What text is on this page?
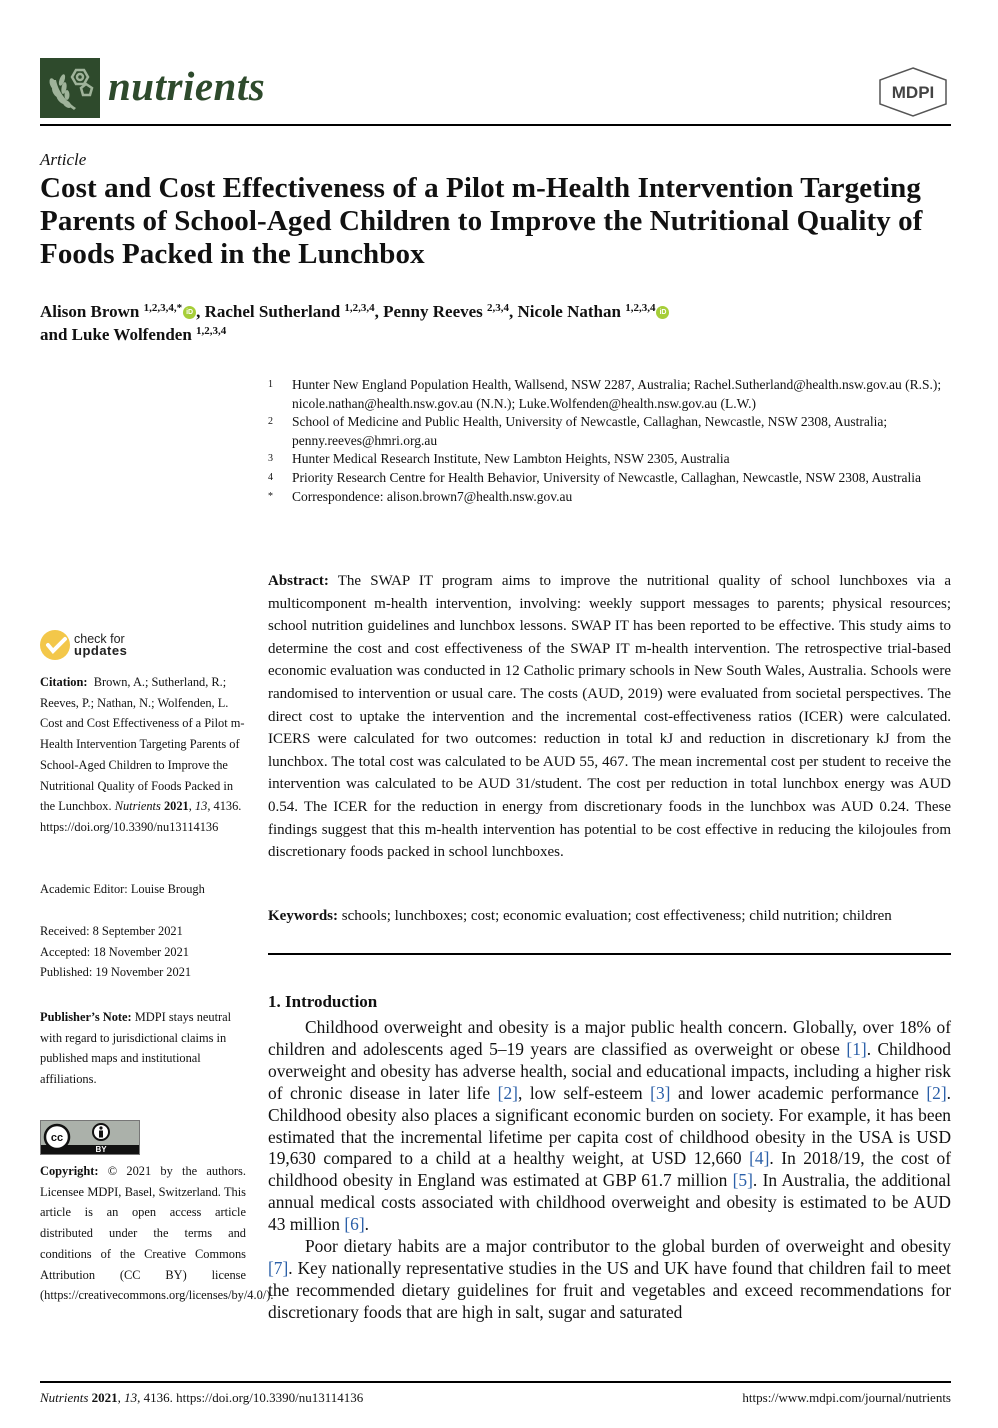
nutrients	MDPI
Article
Cost and Cost Effectiveness of a Pilot m-Health Intervention Targeting Parents of School-Aged Children to Improve the Nutritional Quality of Foods Packed in the Lunchbox
Alison Brown $^{1,2,3,4,*}$ iD , Rachel Sutherland $^{1,2,3,4}$, Penny Reeves $^{2,3,4}$, Nicole Nathan $^{1,2,3,4}$ iD
and Luke Wolfenden $^{1,2,3,4}$
1	Hunter New England Population Health, Wallsend, NSW 2287, Australia; Rachel.Sutherland@health.nsw.gov.au (R.S.); nicole.nathan@health.nsw.gov.au (N.N.); Luke.Wolfenden@health.nsw.gov.au (L.W.)
2	School of Medicine and Public Health, University of Newcastle, Callaghan, Newcastle, NSW 2308, Australia; penny.reeves@hmri.org.au
3	Hunter Medical Research Institute, New Lambton Heights, NSW 2305, Australia
4	Priority Research Centre for Health Behavior, University of Newcastle, Callaghan, Newcastle, NSW 2308, Australia
*	Correspondence: alison.brown7@health.nsw.gov.au
Abstract: The SWAP IT program aims to improve the nutritional quality of school lunchboxes via a multicomponent m-health intervention, involving: weekly support messages to parents; physical resources; school nutrition guidelines and lunchbox lessons. SWAP IT has been reported to be effective. This study aims to determine the cost and cost effectiveness of the SWAP IT m-health intervention. The retrospective trial-based economic evaluation was conducted in 12 Catholic primary schools in New South Wales, Australia. Schools were randomised to intervention or usual care. The costs (AUD, 2019) were evaluated from societal perspectives. The direct cost to uptake the intervention and the incremental cost-effectiveness ratios (ICER) were calculated. ICERS were calculated for two outcomes: reduction in total kJ and reduction in discretionary kJ from the lunchbox. The total cost was calculated to be AUD 55, 467. The mean incremental cost per student to receive the intervention was calculated to be AUD 31/student. The cost per reduction in total lunchbox energy was AUD 0.54. The ICER for the reduction in energy from discretionary foods in the lunchbox was AUD 0.24. These findings suggest that this m-health intervention has potential to be cost effective in reducing the kilojoules from discretionary foods packed in school lunchboxes.
Keywords: schools; lunchboxes; cost; economic evaluation; cost effectiveness; child nutrition; children
1. Introduction

Childhood overweight and obesity is a major public health concern. Globally, over 18% of children and adolescents aged 5–19 years are classified as overweight or obese [1]. Childhood overweight and obesity has adverse health, social and educational impacts, including a higher risk of chronic disease in later life [2], low self-esteem [3] and lower academic performance [2]. Childhood obesity also places a significant economic burden on society. For example, it has been estimated that the incremental lifetime per capita cost of childhood obesity in the USA is USD 19,630 compared to a child at a healthy weight, at USD 12,660 [4]. In 2018/19, the cost of childhood obesity in England was estimated at GBP 61.7 million [5]. In Australia, the additional annual medical costs associated with childhood overweight and obesity is estimated to be AUD 43 million [6].

Poor dietary habits are a major contributor to the global burden of overweight and obesity [7]. Key nationally representative studies in the US and UK have found that children fail to meet the recommended dietary guidelines for fruit and vegetables and exceed recommendations for discretionary foods that are high in salt, sugar and saturated

check for
updates
Citation: Brown, A.; Sutherland, R.; Reeves, P.; Nathan, N.; Wolfenden, L. Cost and Cost Effectiveness of a Pilot m-Health Intervention Targeting Parents of School-Aged Children to Improve the Nutritional Quality of Foods Packed in the Lunchbox. Nutrients 2021, 13, 4136. https://doi.org/10.3390/nu13114136
Academic Editor: Louise Brough
Received: 8 September 2021
Accepted: 18 November 2021
Published: 19 November 2021
Publisher’s Note: MDPI stays neutral with regard to jurisdictional claims in published maps and institutional affiliations.
cc
BY
Copyright: © 2021 by the authors. Licensee MDPI, Basel, Switzerland. This article is an open access article distributed under the terms and conditions of the Creative Commons Attribution (CC BY) license (https://creativecommons.org/licenses/by/4.0/).
Nutrients 2021, 13, 4136. https://doi.org/10.3390/nu13114136	https://www.mdpi.com/journal/nutrients
